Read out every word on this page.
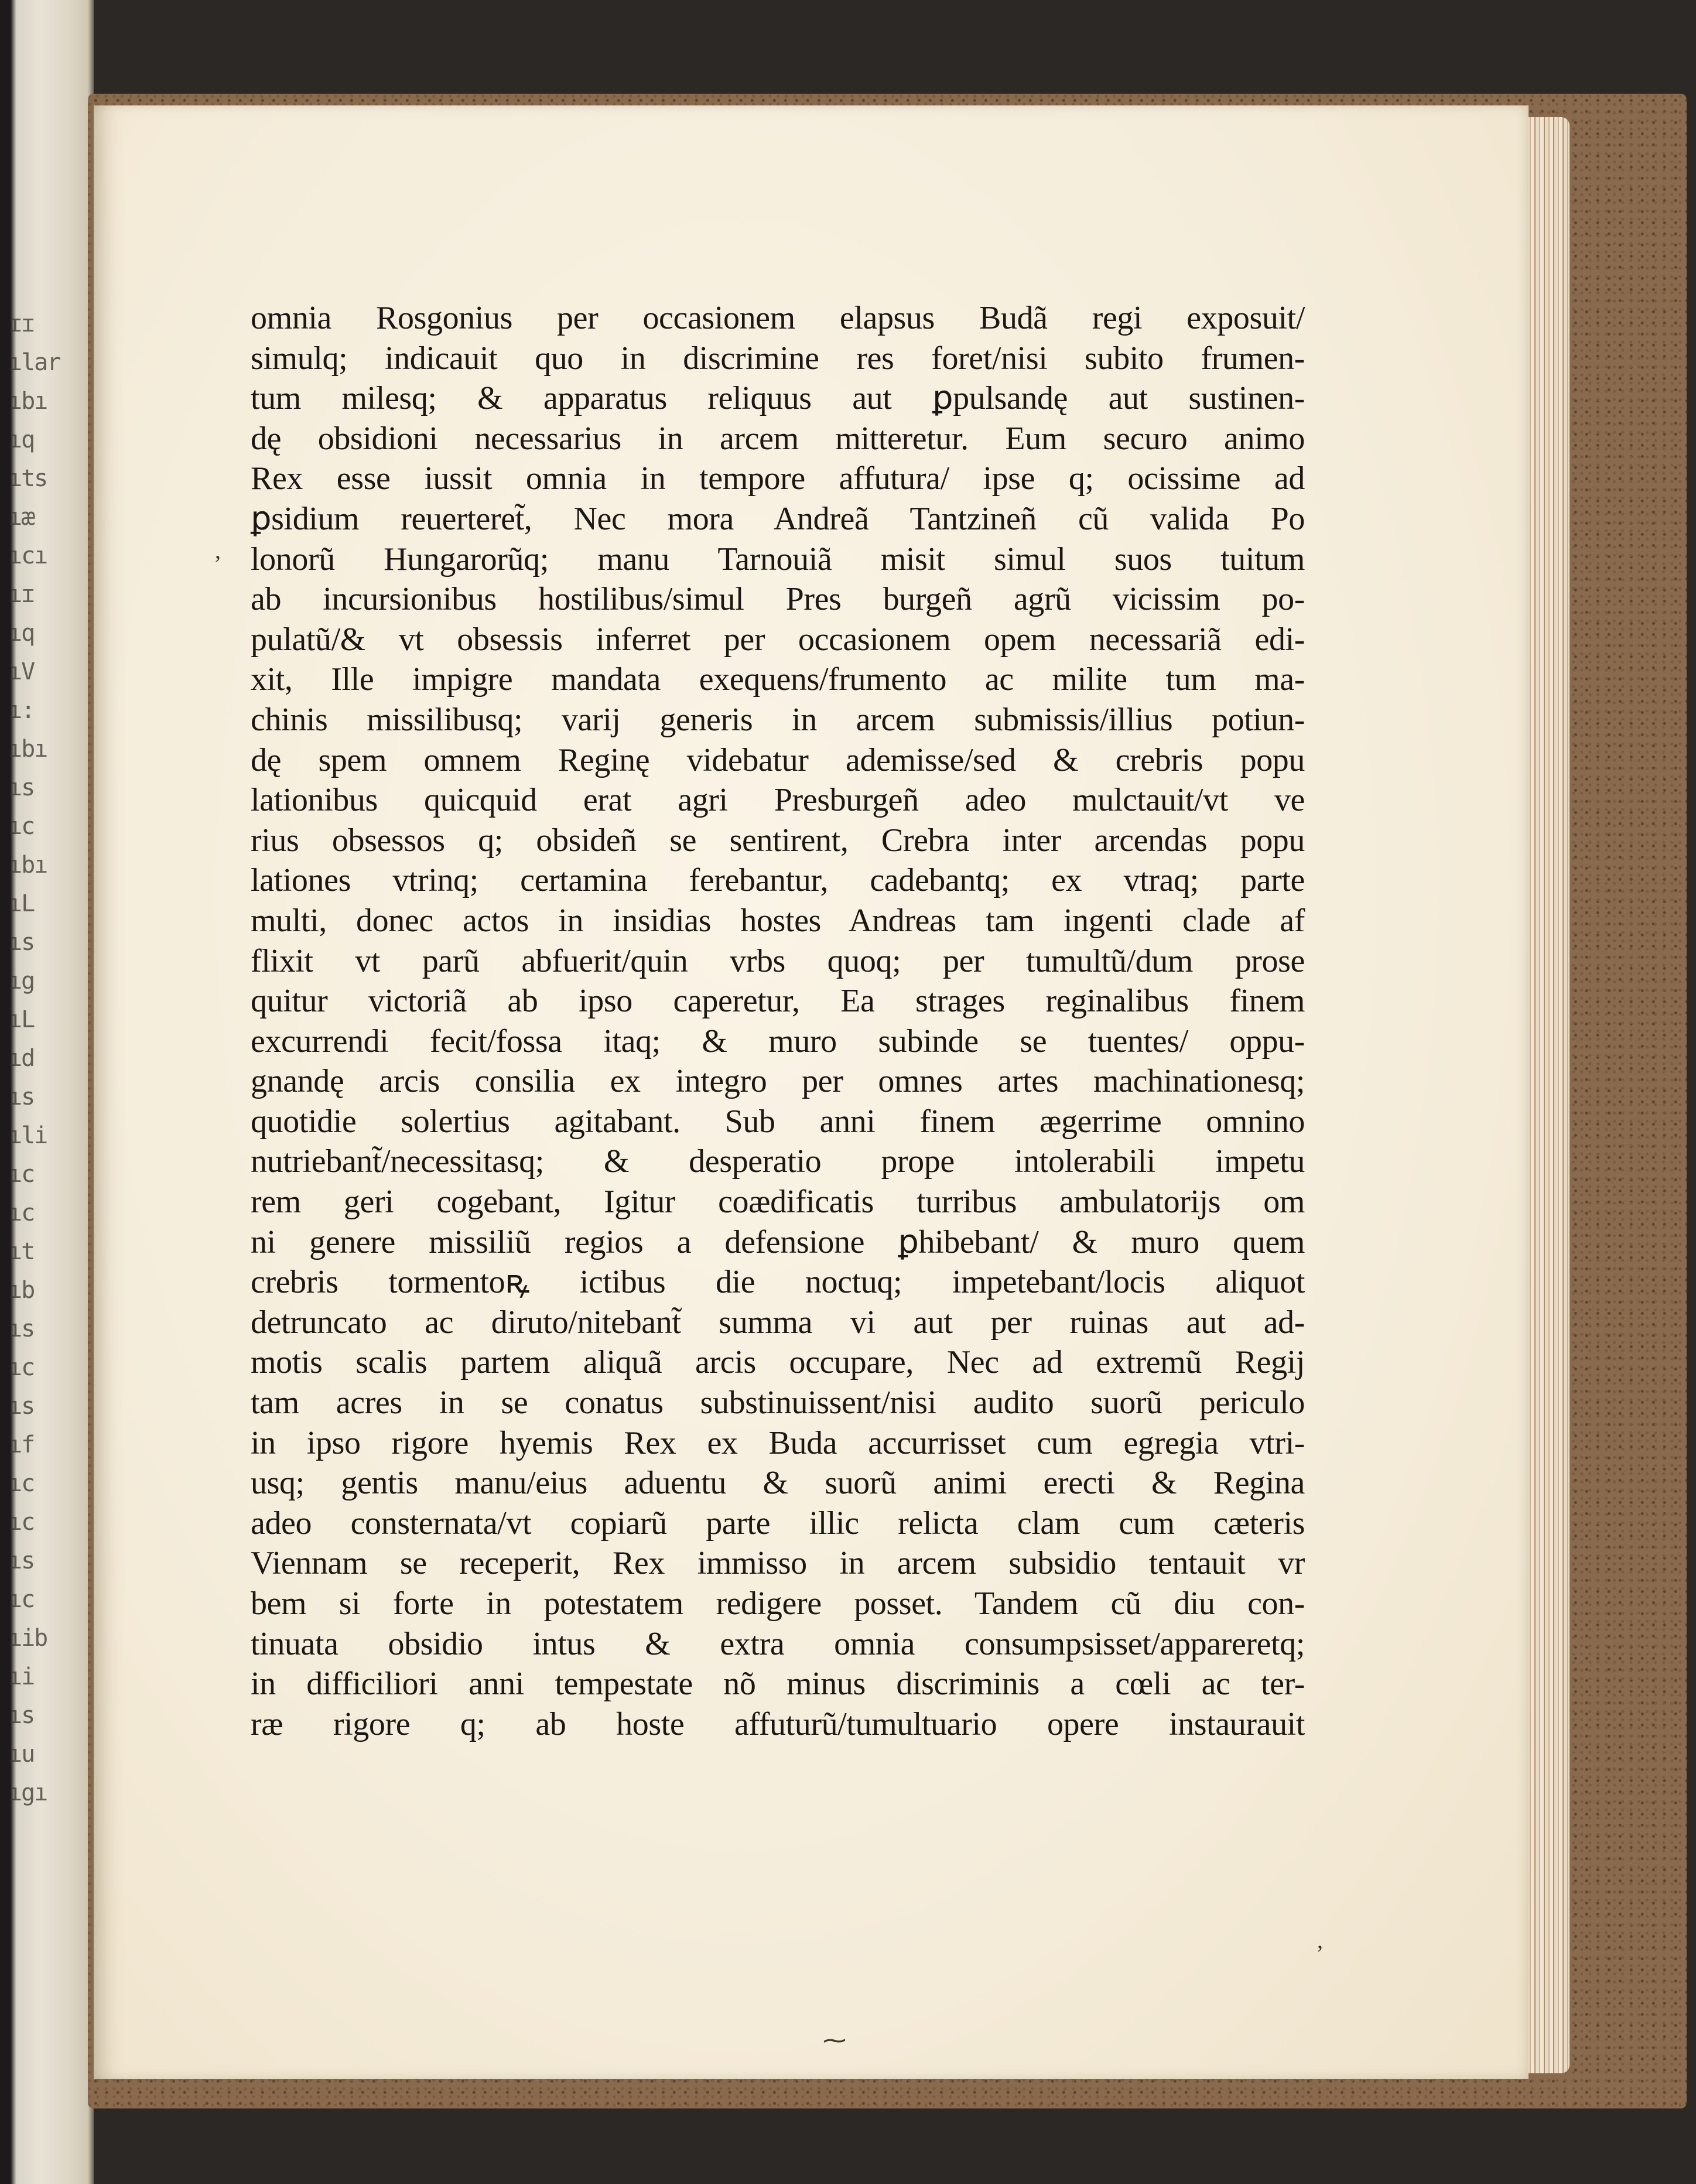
ɪɪ
ılar
ıbı
ıq
ıts
ıæ
ıcı
ıɪ
ıq
ıV
ı:
ıbı
ıs
ıc
ıbı
ıL
ıs
ıg
ıL
ıd
ıs
ıli
ıc
ıc
ıt
ıb
ıs
ıc
ıs
ıf
ıc
ıc
ıs
ıc
ıib
ıi
ıs
ıu
ıgı
omnia Rosgonius per occasionem elapsus Budã regi exposuit/
simulq; indicauit quo in discrimine res foret/nisi subito frumen-
tum milesq; & apparatus reliquus aut ꝑpulsandę aut sustinen-
dę obsidioni necessarius in arcem mitteretur. Eum securo animo
Rex esse iussit omnia in tempore affutura/ ipse q; ocissime ad
ꝑsidium reuerteret̃, Nec mora Andreã Tantzineñ cũ valida Po
lonorũ Hungarorũq; manu Tarnouiã misit simul suos tuitum
ab incursionibus hostilibus/simul Pres burgeñ agrũ vicissim po-
pulatũ/& vt obsessis inferret per occasionem opem necessariã edi-
xit, Ille impigre mandata exequens/frumento ac milite tum ma-
chinis missilibusq; varij generis in arcem submissis/illius potiun-
dę spem omnem Reginę videbatur ademisse/sed & crebris popu
lationibus quicquid erat agri Presburgeñ adeo mulctauit/vt ve
rius obsessos q; obsideñ se sentirent, Crebra inter arcendas popu
lationes vtrinq; certamina ferebantur, cadebantq; ex vtraq; parte
multi, donec actos in insidias hostes Andreas tam ingenti clade af
flixit vt parũ abfuerit/quin vrbs quoq; per tumultũ/dum prose
quitur victoriã ab ipso caperetur, Ea strages reginalibus finem
excurrendi fecit/fossa itaq; & muro subinde se tuentes/ oppu-
gnandę arcis consilia ex integro per omnes artes machinationesq;
quotidie solertius agitabant. Sub anni finem ægerrime omnino
nutriebant̃/necessitasq; & desperatio prope intolerabili impetu
rem geri cogebant, Igitur coædificatis turribus ambulatorijs om
ni genere missiliũ regios a defensione ꝑhibebant/ & muro quem
crebris tormentoꝶ ictibus die noctuq; impetebant/locis aliquot
detruncato ac diruto/nitebant̃ summa vi aut per ruinas aut ad-
motis scalis partem aliquã arcis occupare, Nec ad extremũ Regij
tam acres in se conatus substinuissent/nisi audito suorũ periculo
in ipso rigore hyemis Rex ex Buda accurrisset cum egregia vtri-
usq; gentis manu/eius aduentu & suorũ animi erecti & Regina
adeo consternata/vt copiarũ parte illic relicta clam cum cæteris
Viennam se receperit, Rex immisso in arcem subsidio tentauit vr
bem si forte in potestatem redigere posset. Tandem cũ diu con-
tinuata obsidio intus & extra omnia consumpsisset/appareretq;
in difficiliori anni tempestate nõ minus discriminis a cœli ac ter-
ræ rigore q; ab hoste affuturũ/tumultuario opere instaurauit
ʼ
ʼ
⁓
